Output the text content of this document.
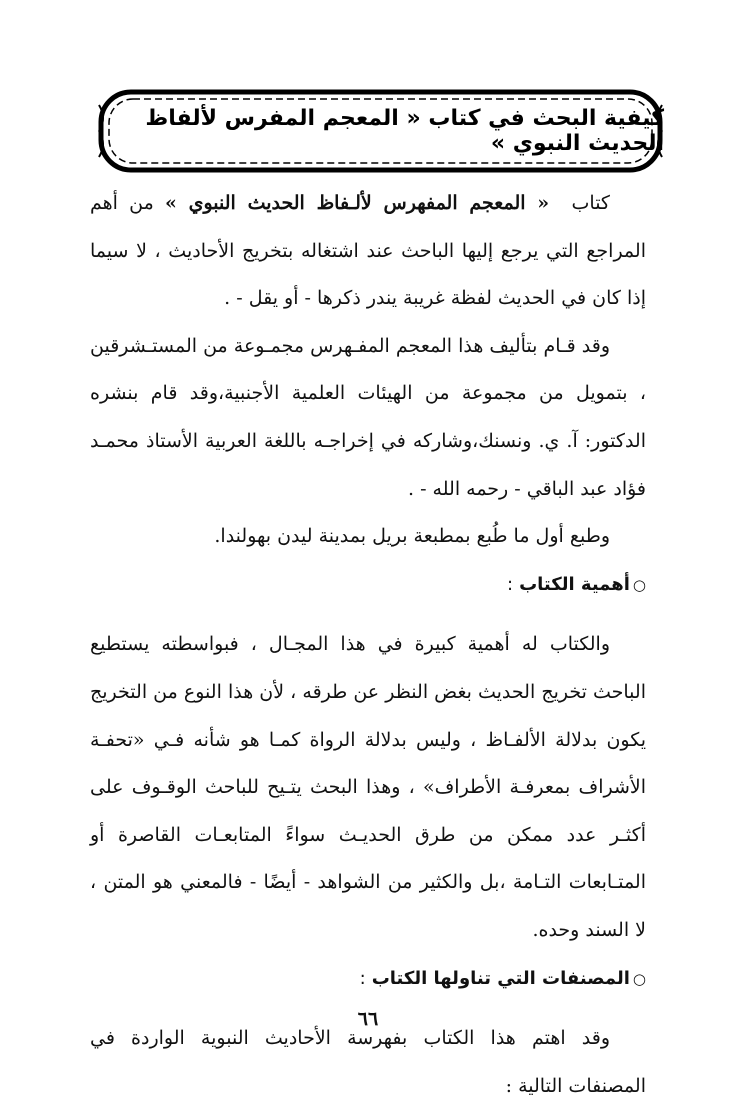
كيفية البحث في كتاب « المعجم المفرس لألفاظ الحديث النبوي »

كتاب  « المعجم المفهرس لألـفاظ الحديث النبوي » من أهم المراجع التي يرجع إليها الباحث عند اشتغاله بتخريج الأحاديث ، لا سيما إذا كان في الحديث لفظة غريبة يندر ذكرها - أو يقل - .

وقد قـام بتأليف هذا المعجم المفـهرس مجمـوعة من المستـشرقين ، بتمويل من مجموعة من الهيئات العلمية الأجنبية،وقد قام بنشره الدكتور: آ. ي. ونسنك،وشاركه في إخراجـه باللغة العربية الأستاذ محمـد فؤاد عبد الباقي - رحمه الله - .

وطبع أول ما طُبع بمطبعة بريل بمدينة ليدن بهولندا.

○أهمية الكتاب:

والكتاب له أهمية كبيرة في هذا المجـال ، فبواسطته يستطيع الباحث تخريج الحديث بغض النظر عن طرقه ، لأن هذا النوع من التخريج يكون بدلالة الألفـاظ ، وليس بدلالة الرواة كمـا هو شأنه فـي «تحفـة الأشراف بمعرفـة الأطراف» ، وهذا البحث يتـيح للباحث الوقـوف على أكثـر عدد ممكن من طرق الحديـث سواءً المتابعـات القاصرة أو المتـابعات التـامة ،بل والكثير من الشواهد - أيضًا - فالمعني هو المتن ، لا السند وحده.

○المصنفات التي تناولها الكتاب:

وقد اهتم هذا الكتاب بفهرسة الأحاديث النبوية الواردة في المصنفات التالية :

٦٦
